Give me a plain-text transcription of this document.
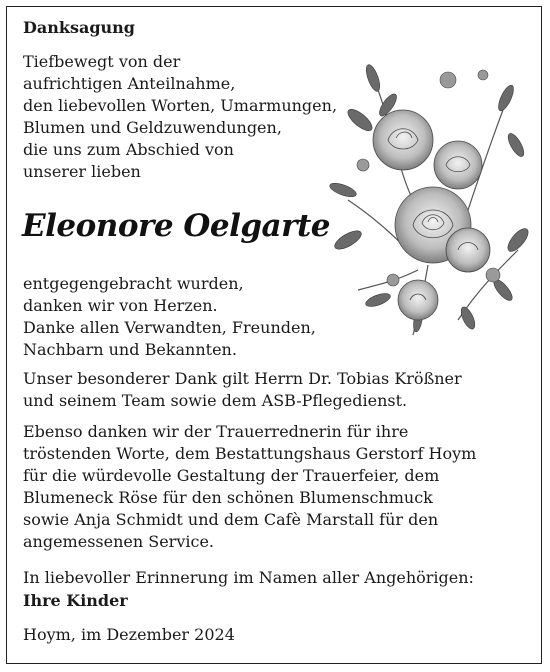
Danksagung

Tiefbewegt von der
aufrichtigen Anteilnahme,
den liebevollen Worten, Umarmungen,
Blumen und Geldzuwendungen,
die uns zum Abschied von
unserer lieben

Eleonore Oelgarte

entgegengebracht wurden,
danken wir von Herzen.
Danke allen Verwandten, Freunden,
Nachbarn und Bekannten.

Unser besonderer Dank gilt Herrn Dr. Tobias Krößner
und seinem Team sowie dem ASB-Pflegedienst.

Ebenso danken wir der Trauerrednerin für ihre
tröstenden Worte, dem Bestattungshaus Gerstorf Hoym
für die würdevolle Gestaltung der Trauerfeier, dem
Blumeneck Röse für den schönen Blumenschmuck
sowie Anja Schmidt und dem Cafè Marstall für den
angemessenen Service.

In liebevoller Erinnerung im Namen aller Angehörigen:

Ihre Kinder

Hoym, im Dezember 2024
